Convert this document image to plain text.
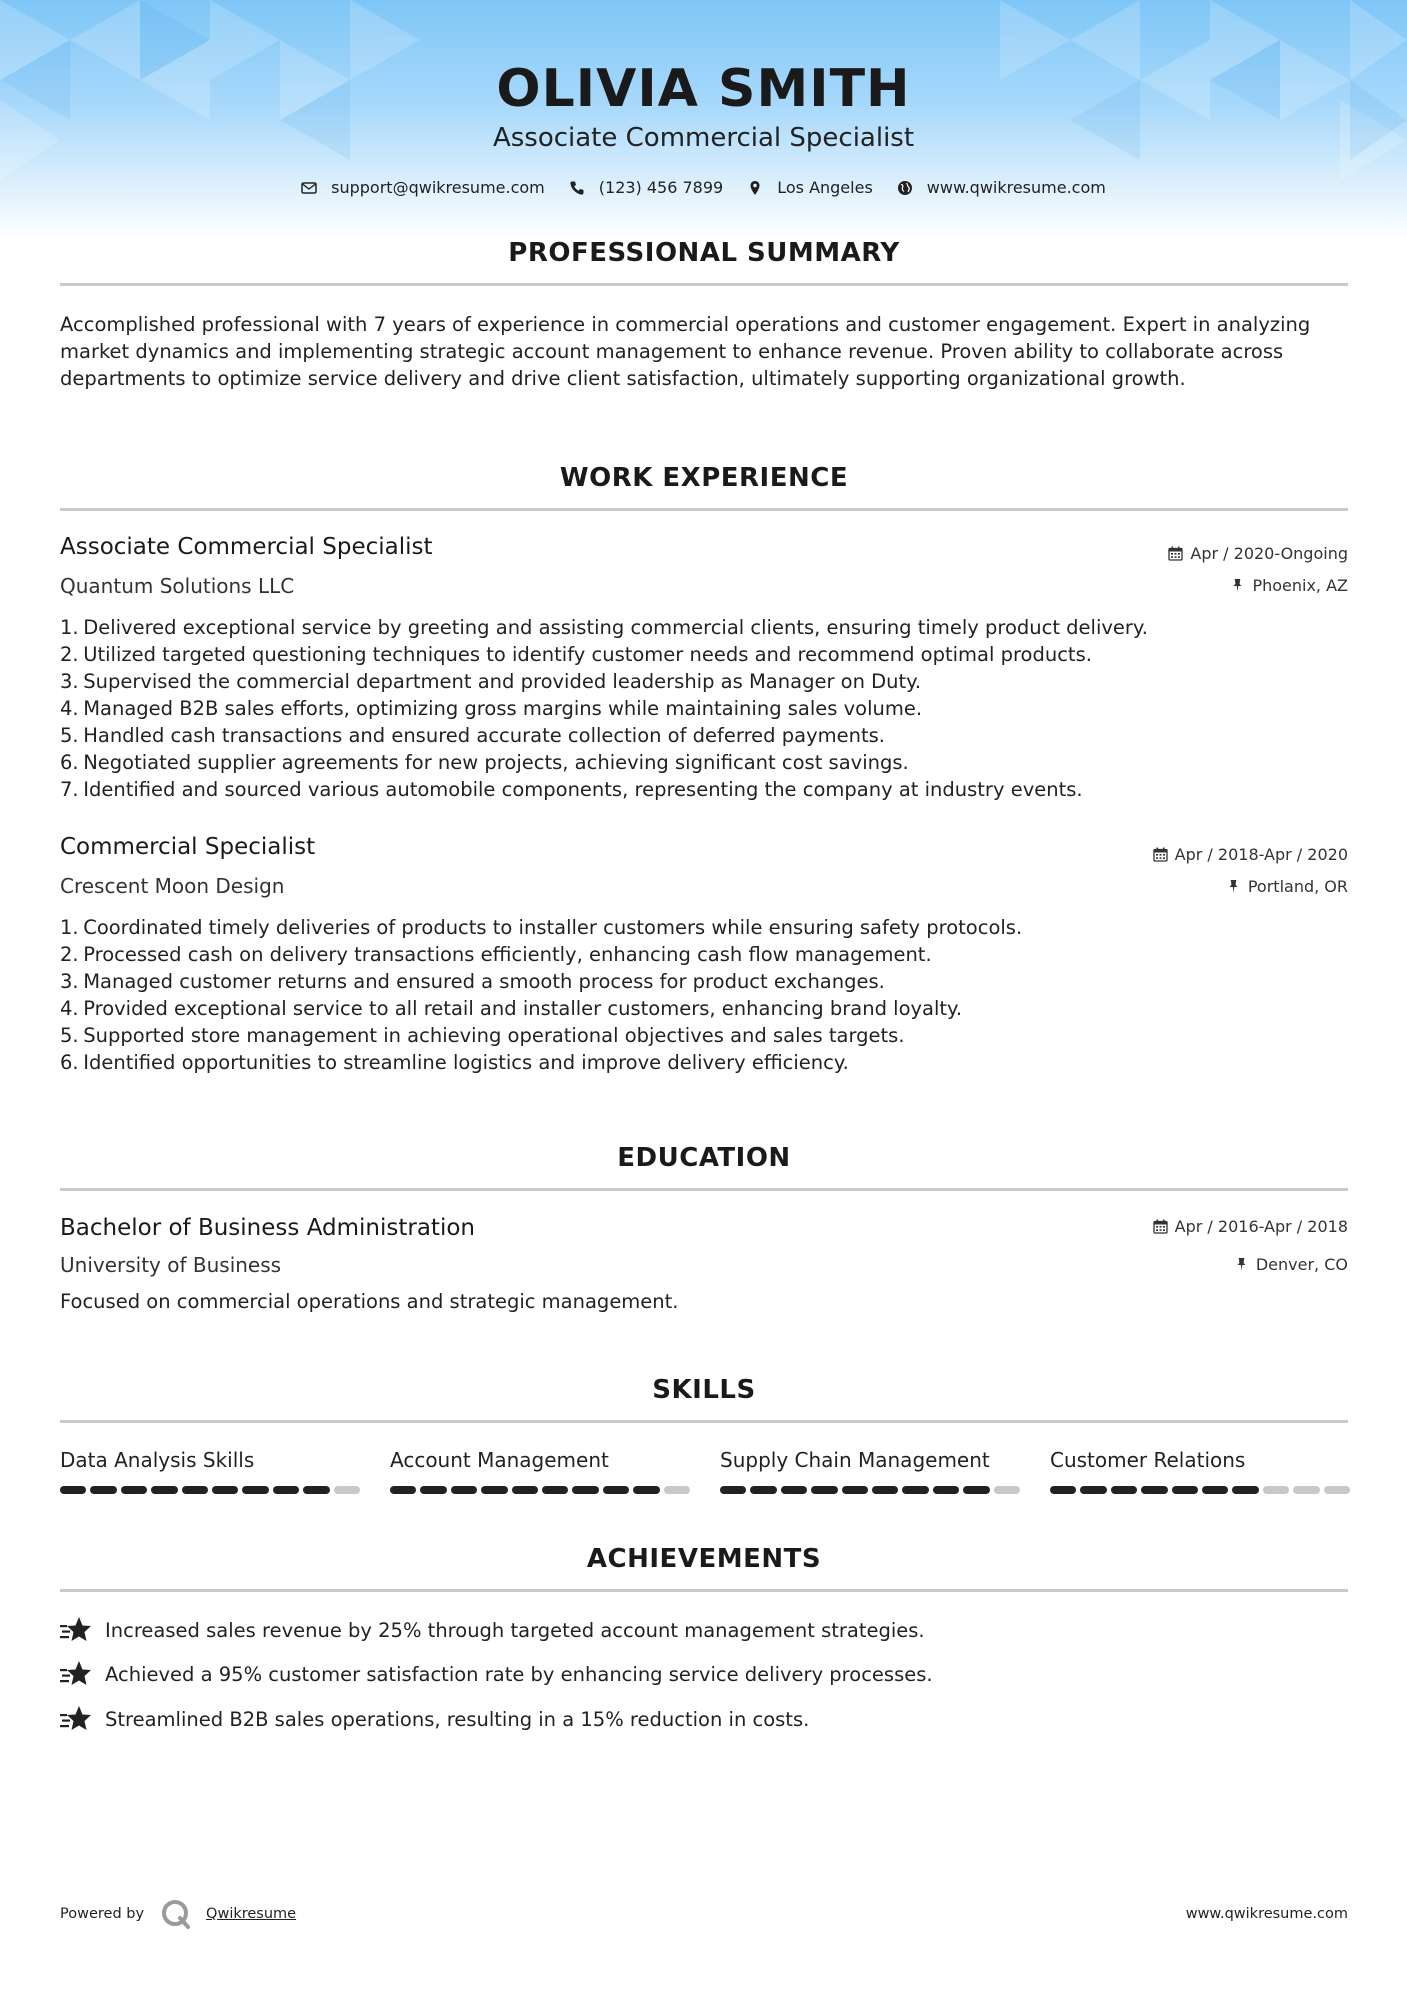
OLIVIA SMITH
Associate Commercial Specialist
support@qwikresume.com	(123) 456 7899	Los Angeles	www.qwikresume.com
PROFESSIONAL SUMMARY
Accomplished professional with 7 years of experience in commercial operations and customer engagement. Expert in analyzing market dynamics and implementing strategic account management to enhance revenue. Proven ability to collaborate across departments to optimize service delivery and drive client satisfaction, ultimately supporting organizational growth.
WORK EXPERIENCE
Associate Commercial Specialist	Apr / 2020-Ongoing
Quantum Solutions LLC	Phoenix, AZ
1.
Delivered exceptional service by greeting and assisting commercial clients, ensuring timely product delivery.
2.
Utilized targeted questioning techniques to identify customer needs and recommend optimal products.
3.
Supervised the commercial department and provided leadership as Manager on Duty.
4.
Managed B2B sales efforts, optimizing gross margins while maintaining sales volume.
5.
Handled cash transactions and ensured accurate collection of deferred payments.
6.
Negotiated supplier agreements for new projects, achieving significant cost savings.
7.
Identified and sourced various automobile components, representing the company at industry events.
Commercial Specialist	Apr / 2018-Apr / 2020
Crescent Moon Design	Portland, OR
1.
Coordinated timely deliveries of products to installer customers while ensuring safety protocols.
2.
Processed cash on delivery transactions efficiently, enhancing cash flow management.
3.
Managed customer returns and ensured a smooth process for product exchanges.
4.
Provided exceptional service to all retail and installer customers, enhancing brand loyalty.
5.
Supported store management in achieving operational objectives and sales targets.
6.
Identified opportunities to streamline logistics and improve delivery efficiency.
EDUCATION
Bachelor of Business Administration	Apr / 2016-Apr / 2018
University of Business	Denver, CO
Focused on commercial operations and strategic management.
SKILLS
Data Analysis Skills	Account Management	Supply Chain Management	Customer Relations
ACHIEVEMENTS
Increased sales revenue by 25% through targeted account management strategies.
Achieved a 95% customer satisfaction rate by enhancing service delivery processes.
Streamlined B2B sales operations, resulting in a 15% reduction in costs.
Powered by	Qwikresume	www.qwikresume.com
